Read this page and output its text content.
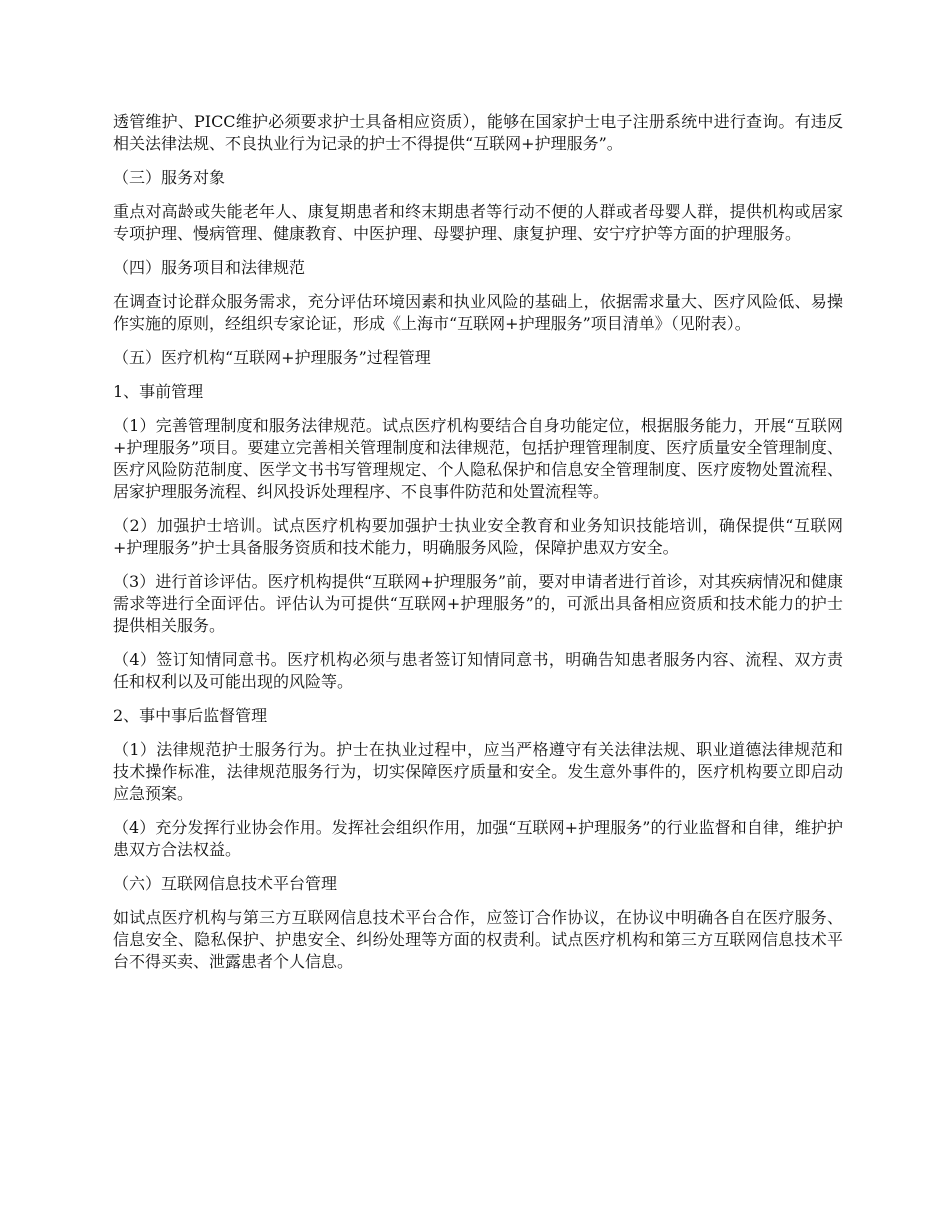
透管维护、PICC维护必须要求护士具备相应资质），能够在国家护士电子注册系统中进行查询。有违反相关法律法规、不良执业行为记录的护士不得提供“互联网+护理服务”。

（三）服务对象

重点对高龄或失能老年人、康复期患者和终末期患者等行动不便的人群或者母婴人群，提供机构或居家专项护理、慢病管理、健康教育、中医护理、母婴护理、康复护理、安宁疗护等方面的护理服务。

（四）服务项目和法律规范

在调查讨论群众服务需求，充分评估环境因素和执业风险的基础上，依据需求量大、医疗风险低、易操作实施的原则，经组织专家论证，形成《上海市“互联网+护理服务”项目清单》（见附表）。

（五）医疗机构“互联网+护理服务”过程管理

1、事前管理

（1）完善管理制度和服务法律规范。试点医疗机构要结合自身功能定位，根据服务能力，开展“互联网+护理服务”项目。要建立完善相关管理制度和法律规范，包括护理管理制度、医疗质量安全管理制度、医疗风险防范制度、医学文书书写管理规定、个人隐私保护和信息安全管理制度、医疗废物处置流程、居家护理服务流程、纠风投诉处理程序、不良事件防范和处置流程等。

（2）加强护士培训。试点医疗机构要加强护士执业安全教育和业务知识技能培训，确保提供“互联网+护理服务”护士具备服务资质和技术能力，明确服务风险，保障护患双方安全。

（3）进行首诊评估。医疗机构提供“互联网+护理服务”前，要对申请者进行首诊，对其疾病情况和健康需求等进行全面评估。评估认为可提供“互联网+护理服务”的，可派出具备相应资质和技术能力的护士提供相关服务。

（4）签订知情同意书。医疗机构必须与患者签订知情同意书，明确告知患者服务内容、流程、双方责任和权利以及可能出现的风险等。

2、事中事后监督管理

（1）法律规范护士服务行为。护士在执业过程中，应当严格遵守有关法律法规、职业道德法律规范和技术操作标准，法律规范服务行为，切实保障医疗质量和安全。发生意外事件的，医疗机构要立即启动应急预案。

（4）充分发挥行业协会作用。发挥社会组织作用，加强“互联网+护理服务”的行业监督和自律，维护护患双方合法权益。

（六）互联网信息技术平台管理

如试点医疗机构与第三方互联网信息技术平台合作，应签订合作协议，在协议中明确各自在医疗服务、信息安全、隐私保护、护患安全、纠纷处理等方面的权责利。试点医疗机构和第三方互联网信息技术平台不得买卖、泄露患者个人信息。
